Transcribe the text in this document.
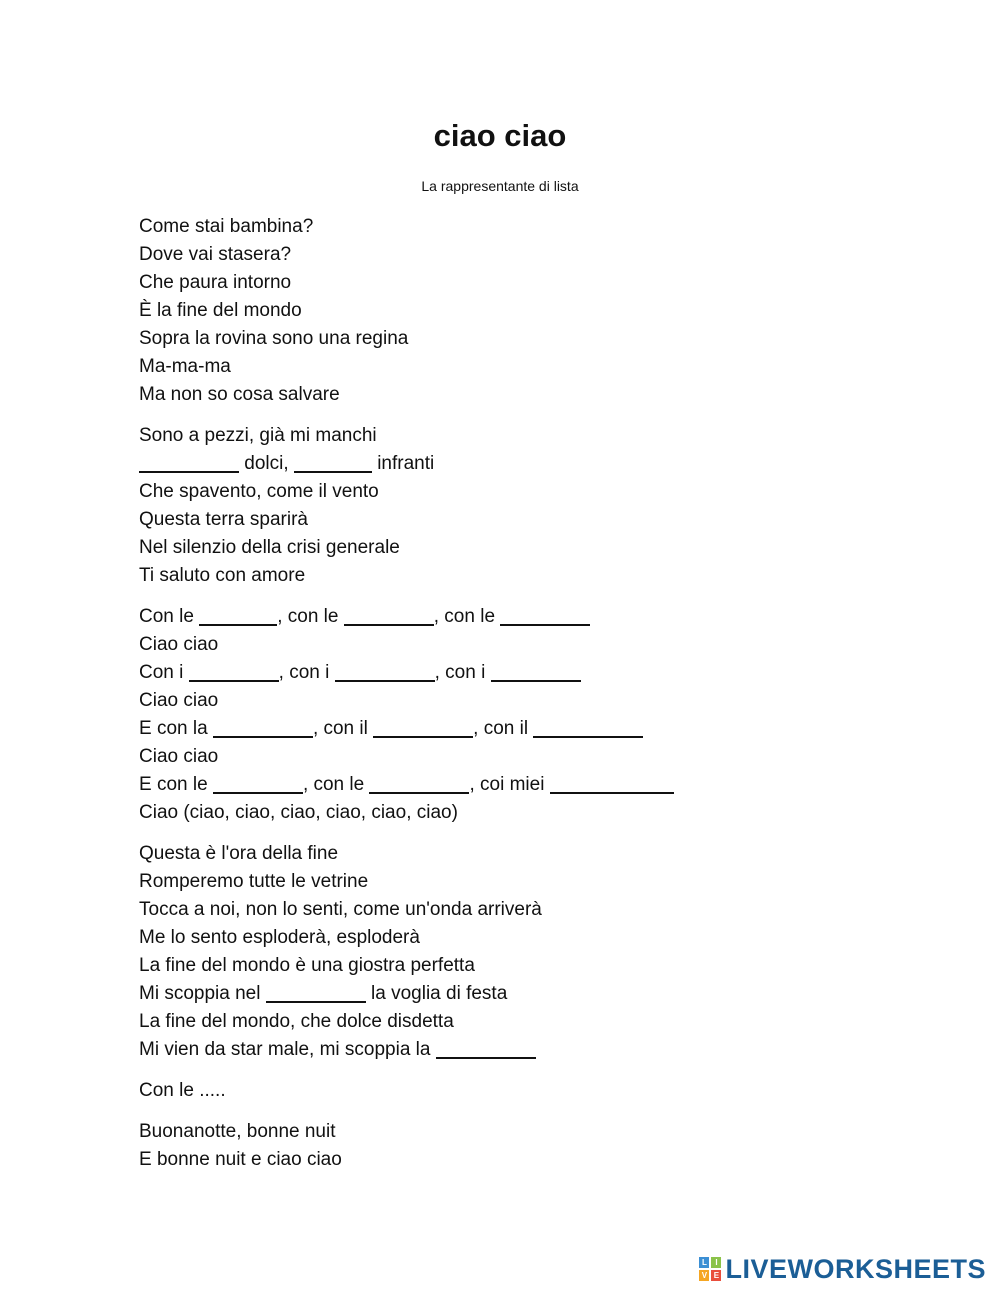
ciao ciao
La rappresentante di lista
Come stai bambina?
Dove vai stasera?
Che paura intorno
È la fine del mondo
Sopra la rovina sono una regina
Ma-ma-ma
Ma non so cosa salvare
Sono a pezzi, già mi manchi
dolci,	infranti
Che spavento, come il vento
Questa terra sparirà
Nel silenzio della crisi generale
Ti saluto con amore
Con le	, con le	, con le
Ciao ciao
Con i	, con i	, con i
Ciao ciao
E con la	, con il	, con il
Ciao ciao
E con le	, con le	, coi miei
Ciao (ciao, ciao, ciao, ciao, ciao, ciao)
Questa è l'ora della fine
Romperemo tutte le vetrine
Tocca a noi, non lo senti, come un'onda arriverà
Me lo sento esploderà, esploderà
La fine del mondo è una giostra perfetta
Mi scoppia nel	la voglia di festa
La fine del mondo, che dolce disdetta
Mi vien da star male, mi scoppia la
Con le .....
Buonanotte, bonne nuit
E bonne nuit e ciao ciao
L	I
V E LIVEWORKSHEETS
